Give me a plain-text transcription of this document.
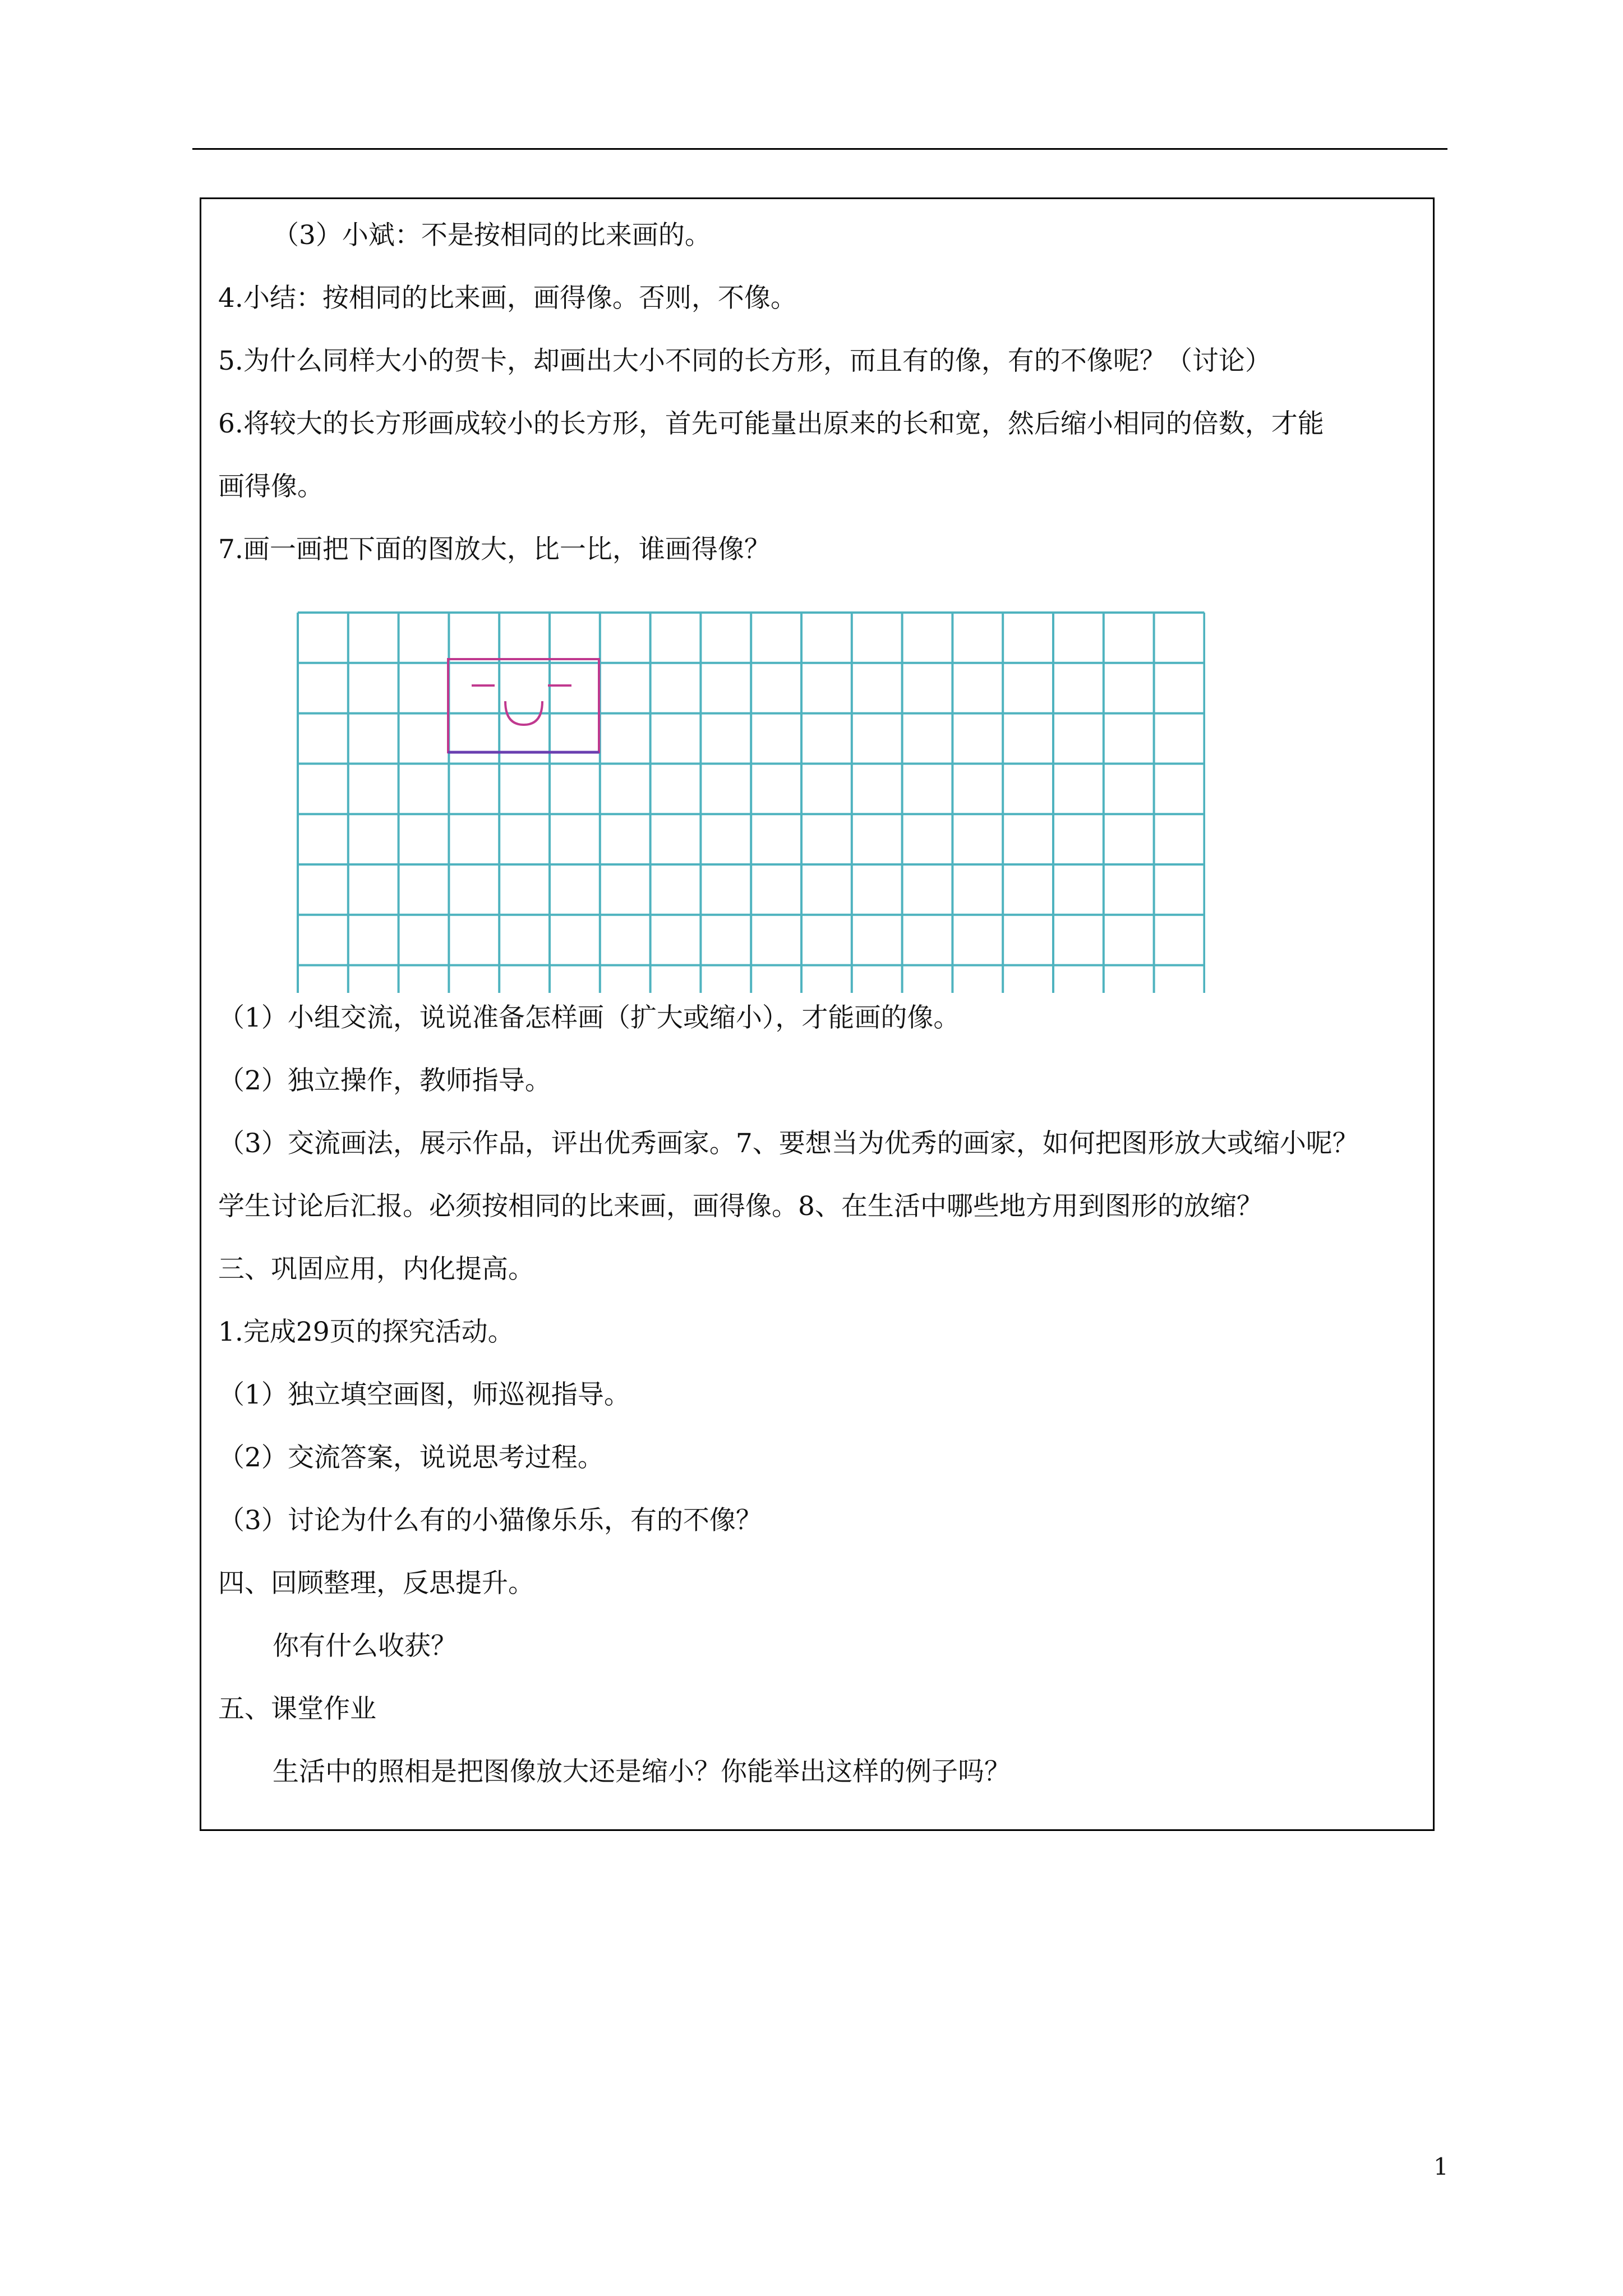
（3）小斌：不是按相同的比来画的。

4.小结：按相同的比来画，画得像。否则，不像。

5.为什么同样大小的贺卡，却画出大小不同的长方形，而且有的像，有的不像呢？（讨论）

6.将较大的长方形画成较小的长方形，首先可能量出原来的长和宽，然后缩小相同的倍数，才能

画得像。

7.画一画把下面的图放大，比一比，谁画得像？

（1）小组交流，说说准备怎样画（扩大或缩小），才能画的像。

（2）独立操作，教师指导。

（3）交流画法，展示作品，评出优秀画家。7、要想当为优秀的画家，如何把图形放大或缩小呢？

学生讨论后汇报。必须按相同的比来画，画得像。8、在生活中哪些地方用到图形的放缩？

三、巩固应用，内化提高。

1.完成29页的探究活动。

（1）独立填空画图，师巡视指导。

（2）交流答案，说说思考过程。

（3）讨论为什么有的小猫像乐乐，有的不像？

四、回顾整理，反思提升。

你有什么收获？

五、课堂作业

生活中的照相是把图像放大还是缩小？你能举出这样的例子吗？

1
